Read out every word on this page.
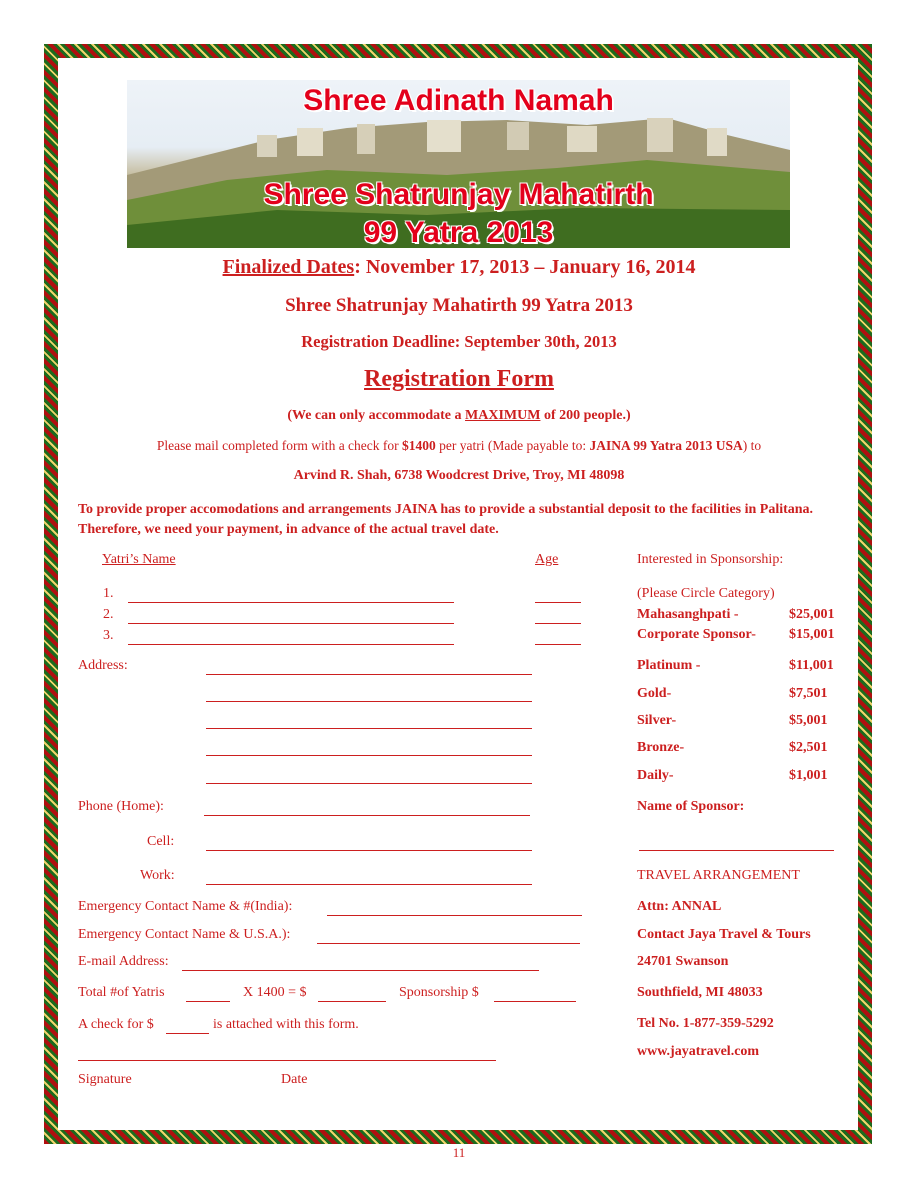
Shree Adinath Namah
Shree Shatrunjay Mahatirth
99 Yatra 2013
Finalized Dates: November 17, 2013 – January 16, 2014
Shree Shatrunjay Mahatirth 99 Yatra 2013
Registration Deadline: September 30th, 2013
Registration Form
(We can only accommodate a MAXIMUM of 200 people.)
Please mail completed form with a check for $1400 per yatri (Made payable to: JAINA 99 Yatra 2013 USA) to
Arvind R. Shah, 6738 Woodcrest Drive, Troy, MI 48098
To provide proper accomodations and arrangements JAINA has to provide a substantial deposit to the facilities in Palitana. Therefore, we need your payment, in advance of the actual travel date.
Yatri’s Name	Age	Interested in Sponsorship:
1.
2.
3.
(Please Circle Category)
Mahasanghpati -	$25,001
Corporate Sponsor- $15,001
Platinum -	$11,001
Gold-	$7,501
Silver-	$5,001
Bronze-	$2,501
Daily-	$1,001
Name of Sponsor:
Address:
Phone (Home):
Cell:
Work:	TRAVEL ARRANGEMENT
Attn: ANNAL
Contact Jaya Travel & Tours
24701 Swanson
Southfield, MI 48033
Tel No. 1-877-359-5292
www.jayatravel.com
Emergency Contact Name & #(India):
Emergency Contact Name & U.S.A.):
E-mail Address:
Total #of Yatris	X 1400 = $	Sponsorship $
A check for $	is attached with this form.
Signature	Date
11
